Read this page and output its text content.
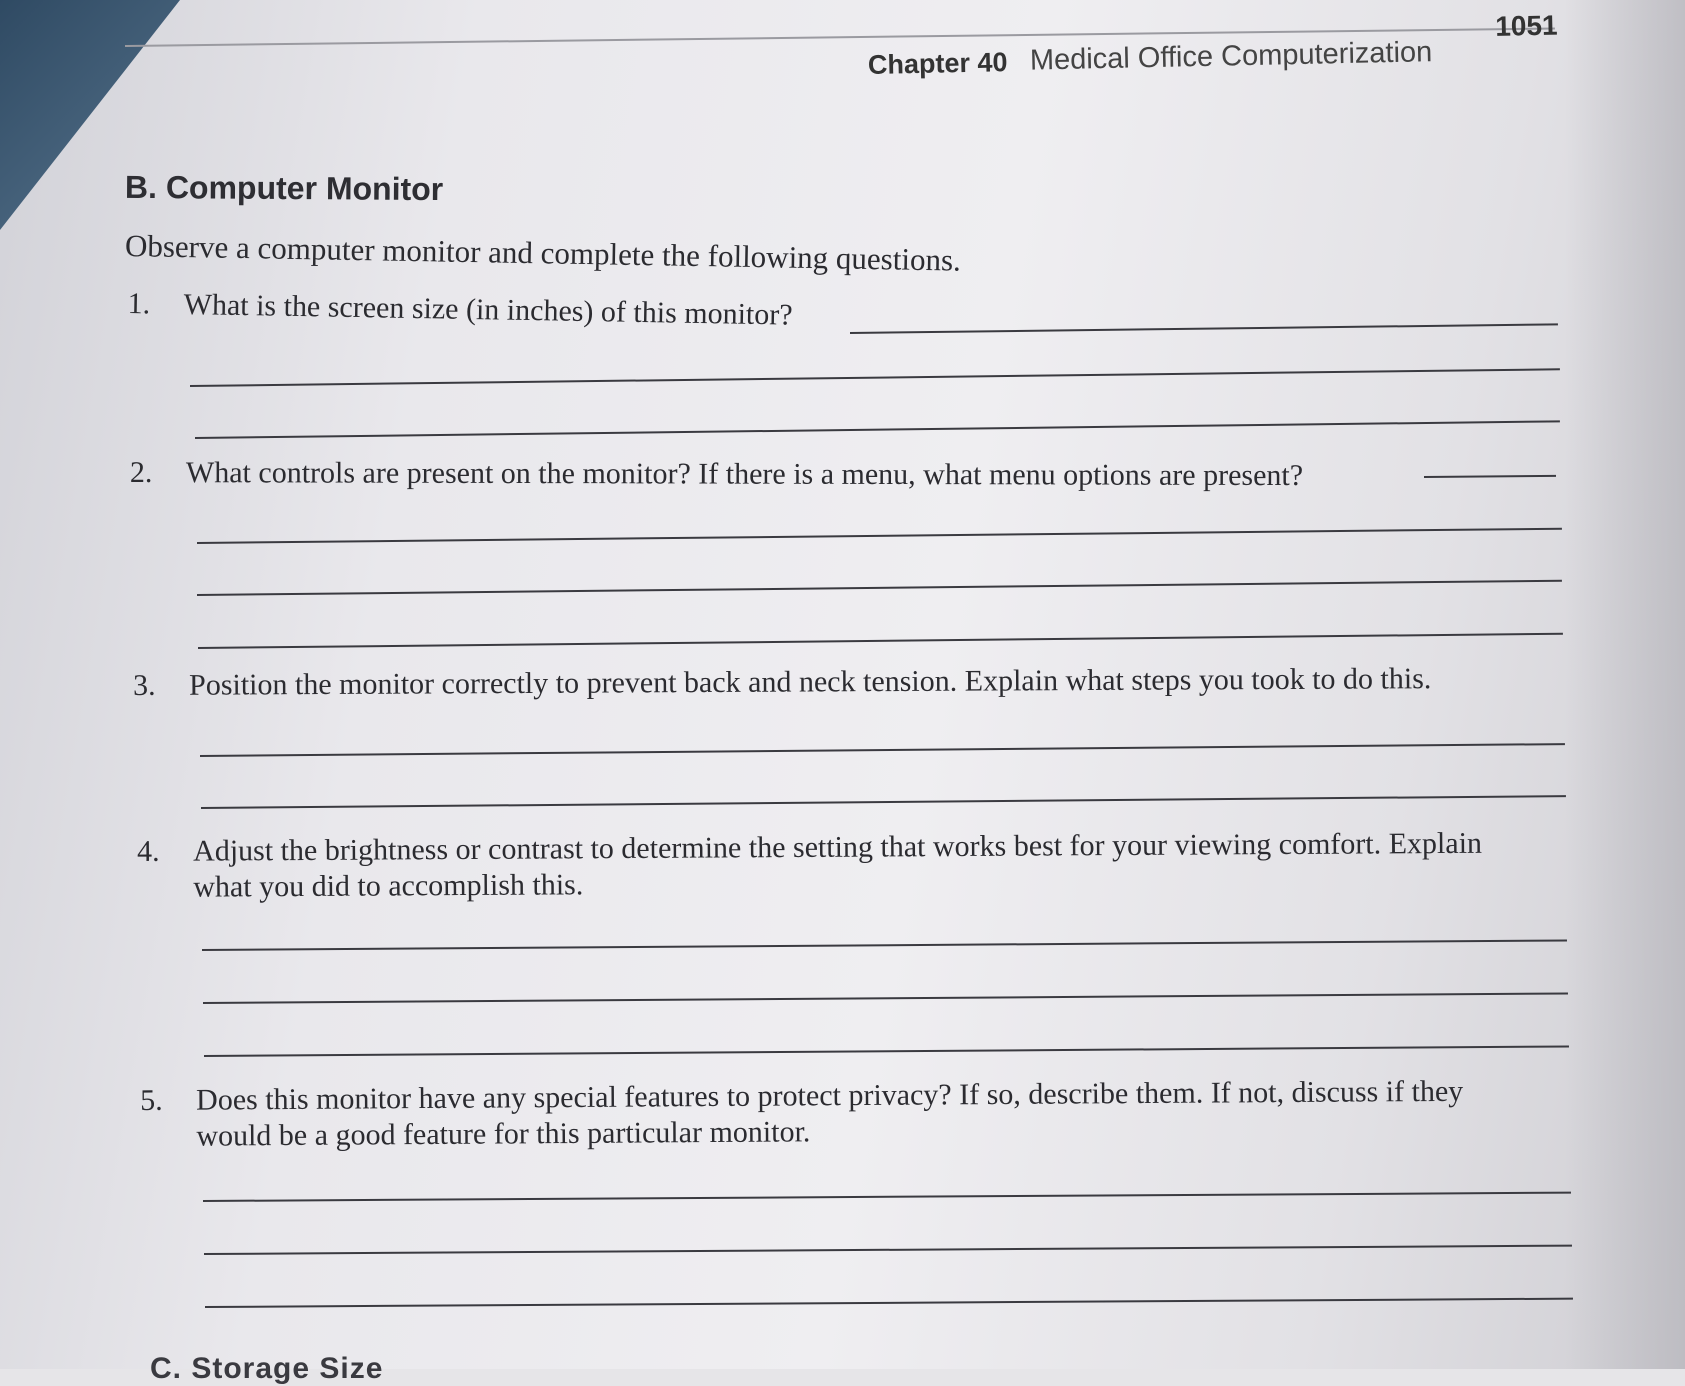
Chapter 40 Medical Office Computerization
1051
B. Computer Monitor
Observe a computer monitor and complete the following questions.
1. What is the screen size (in inches) of this monitor?
2. What controls are present on the monitor? If there is a menu, what menu options are present?
3. Position the monitor correctly to prevent back and neck tension. Explain what steps you took to do this.
4. Adjust the brightness or contrast to determine the setting that works best for your viewing comfort. Explain what you did to accomplish this.
5. Does this monitor have any special features to protect privacy? If so, describe them. If not, discuss if they would be a good feature for this particular monitor.
C. Storage Size
